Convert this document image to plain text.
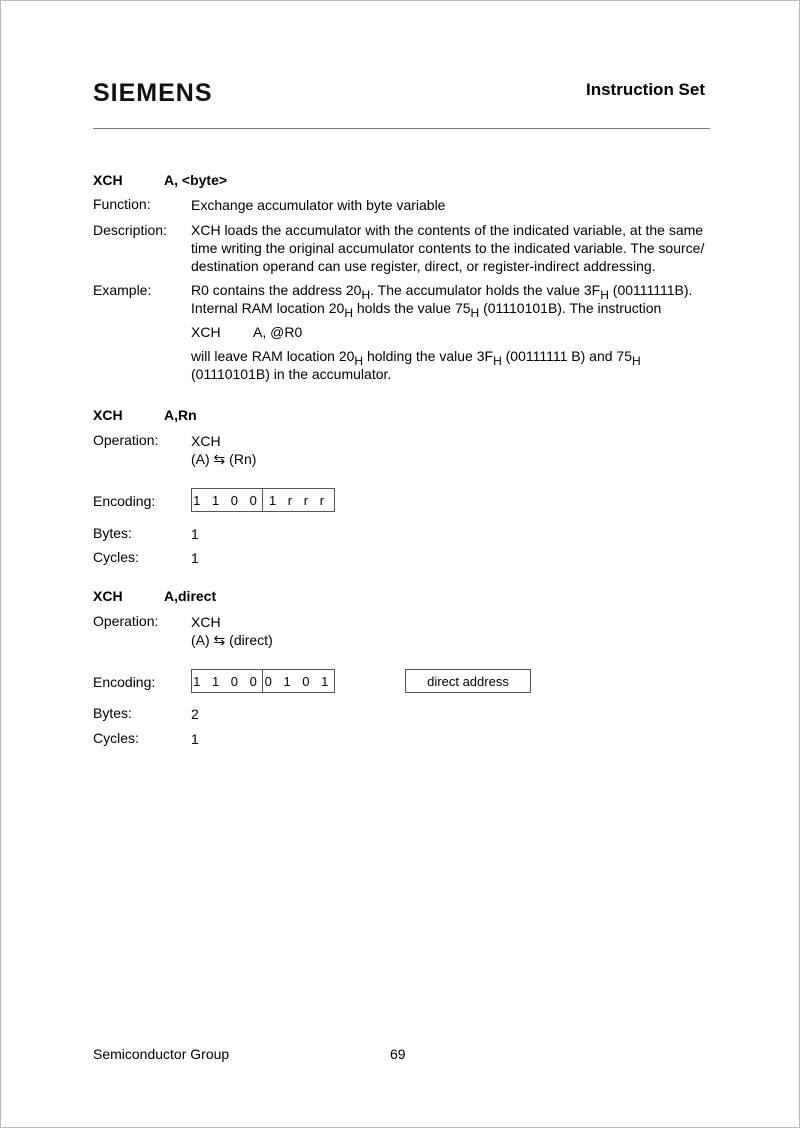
SIEMENS	Instruction Set
XCH	A, <byte>
Function:	Exchange accumulator with byte variable
Description: XCH loads the accumulator with the contents of the indicated variable, at the same time writing the original accumulator contents to the indicated variable. The source/ destination operand can use register, direct, or register-indirect addressing.
Example:	R0 contains the address $20_H$. The accumulator holds the value $3F_H$ (00111111B).
Internal RAM location $20_H$ holds the value $75_H$ (01110101B). The instruction
XCH A, @R0
will leave RAM location $20_H$ holding the value $3F_H$ (00111111 B) and $75_H$
(01110101B) in the accumulator.
XCH	A,Rn
Operation: XCH
(A) ⇆ (Rn)
Encoding:	1 1 0 0 1 r r r
Bytes:	1
Cycles:	1
XCH	A,direct
Operation: XCH
(A) ⇆ (direct)
Encoding:	1 1 0 0 0 1 0 1	direct address
Bytes:	2
Cycles:	1
Semiconductor Group	69
